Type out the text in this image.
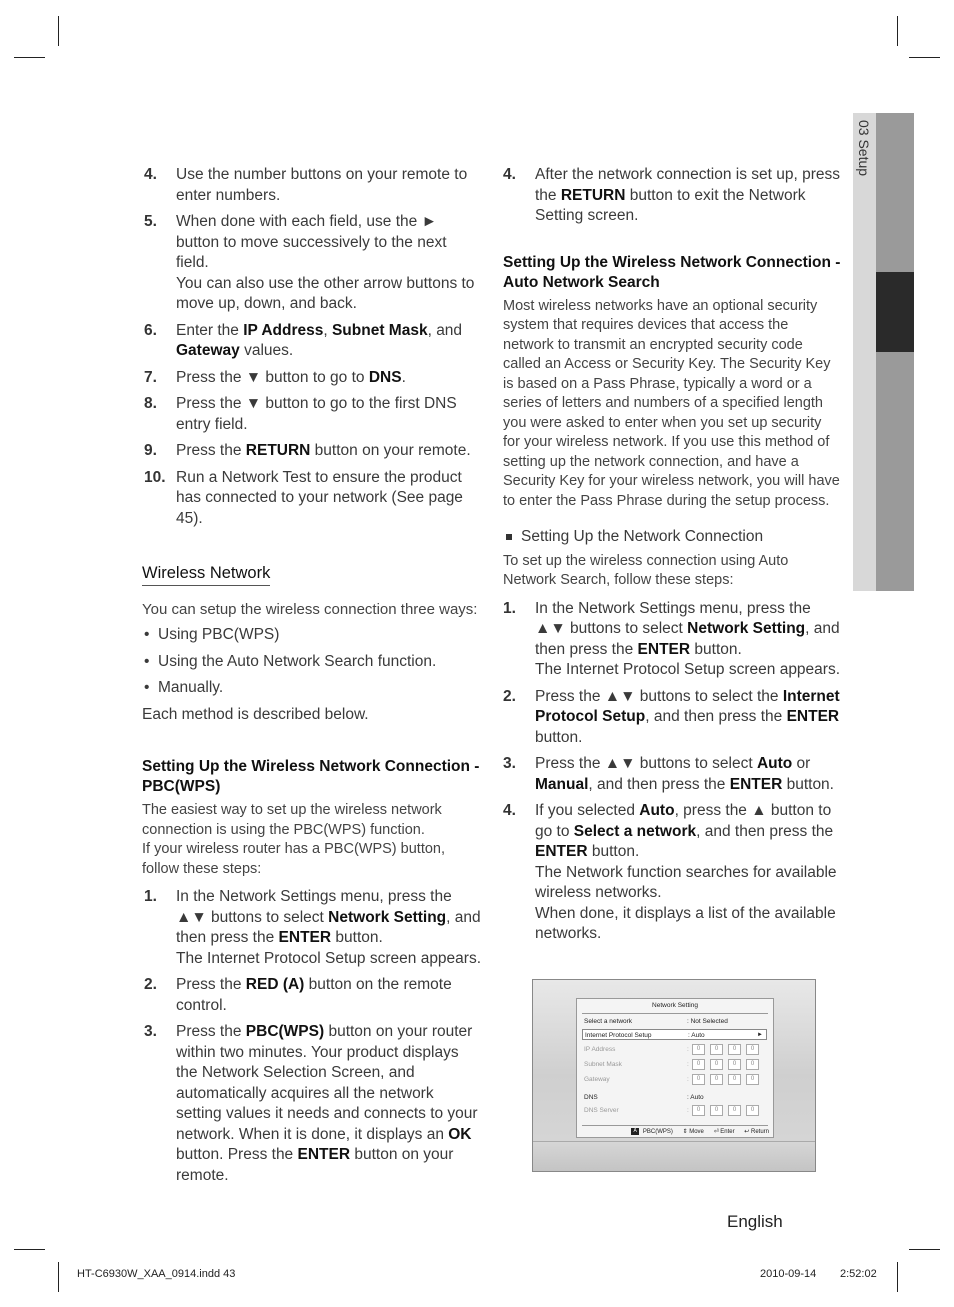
03 Setup
4. Use the number buttons on your remote to enter numbers.
5. When done with each field, use the ► button to move successively to the next field.
You can also use the other arrow buttons to move up, down, and back.
6. Enter the IP Address, Subnet Mask, and Gateway values.
7. Press the ▼ button to go to DNS.
8. Press the ▼ button to go to the first DNS entry field.
9. Press the RETURN button on your remote.
10. Run a Network Test to ensure the product has connected to your network (See page 45).
Wireless Network
You can setup the wireless connection three ways:
• Using PBC(WPS)
• Using the Auto Network Search function.
• Manually.
Each method is described below.
Setting Up the Wireless Network Connection - PBC(WPS)
The easiest way to set up the wireless network connection is using the PBC(WPS) function.
If your wireless router has a PBC(WPS) button, follow these steps:
1. In the Network Settings menu, press the ▲▼ buttons to select Network Setting, and then press the ENTER button.
The Internet Protocol Setup screen appears.
2. Press the RED (A) button on the remote control.
3. Press the PBC(WPS) button on your router within two minutes. Your product displays the Network Selection Screen, and automatically acquires all the network setting values it needs and connects to your network. When it is done, it displays an OK button. Press the ENTER button on your remote.
4. After the network connection is set up, press the RETURN button to exit the Network Setting screen.
Setting Up the Wireless Network Connection - Auto Network Search
Most wireless networks have an optional security system that requires devices that access the network to transmit an encrypted security code called an Access or Security Key. The Security Key is based on a Pass Phrase, typically a word or a series of letters and numbers of a specified length you were asked to enter when you set up security for your wireless network. If you use this method of setting up the network connection, and have a Security Key for your wireless network, you will have to enter the Pass Phrase during the setup process.
Setting Up the Network Connection
To set up the wireless connection using Auto Network Search, follow these steps:
1. In the Network Settings menu, press the ▲▼ buttons to select Network Setting, and then press the ENTER button.
The Internet Protocol Setup screen appears.
2. Press the ▲▼ buttons to select the Internet Protocol Setup, and then press the ENTER button.
3. Press the ▲▼ buttons to select Auto or Manual, and then press the ENTER button.
4. If you selected Auto, press the ▲ button to go to Select a network, and then press the ENTER button.
The Network function searches for available wireless networks.
When done, it displays a list of the available networks.
Network Setting
Select a network	: Not Selected
Internet Protocol Setup	: Auto	►
IP Address	:	0	0	0	0
Subnet Mask	:	0	0	0	0
Gateway	:	0	0	0	0
DNS	: Auto
DNS Server	:	0	0	0	0
A PBC(WPS) ⇕ Move ⏎ Enter ↩ Return
English
HT-C6930W_XAA_0914.indd 43	2010-09-14 2:52:02
